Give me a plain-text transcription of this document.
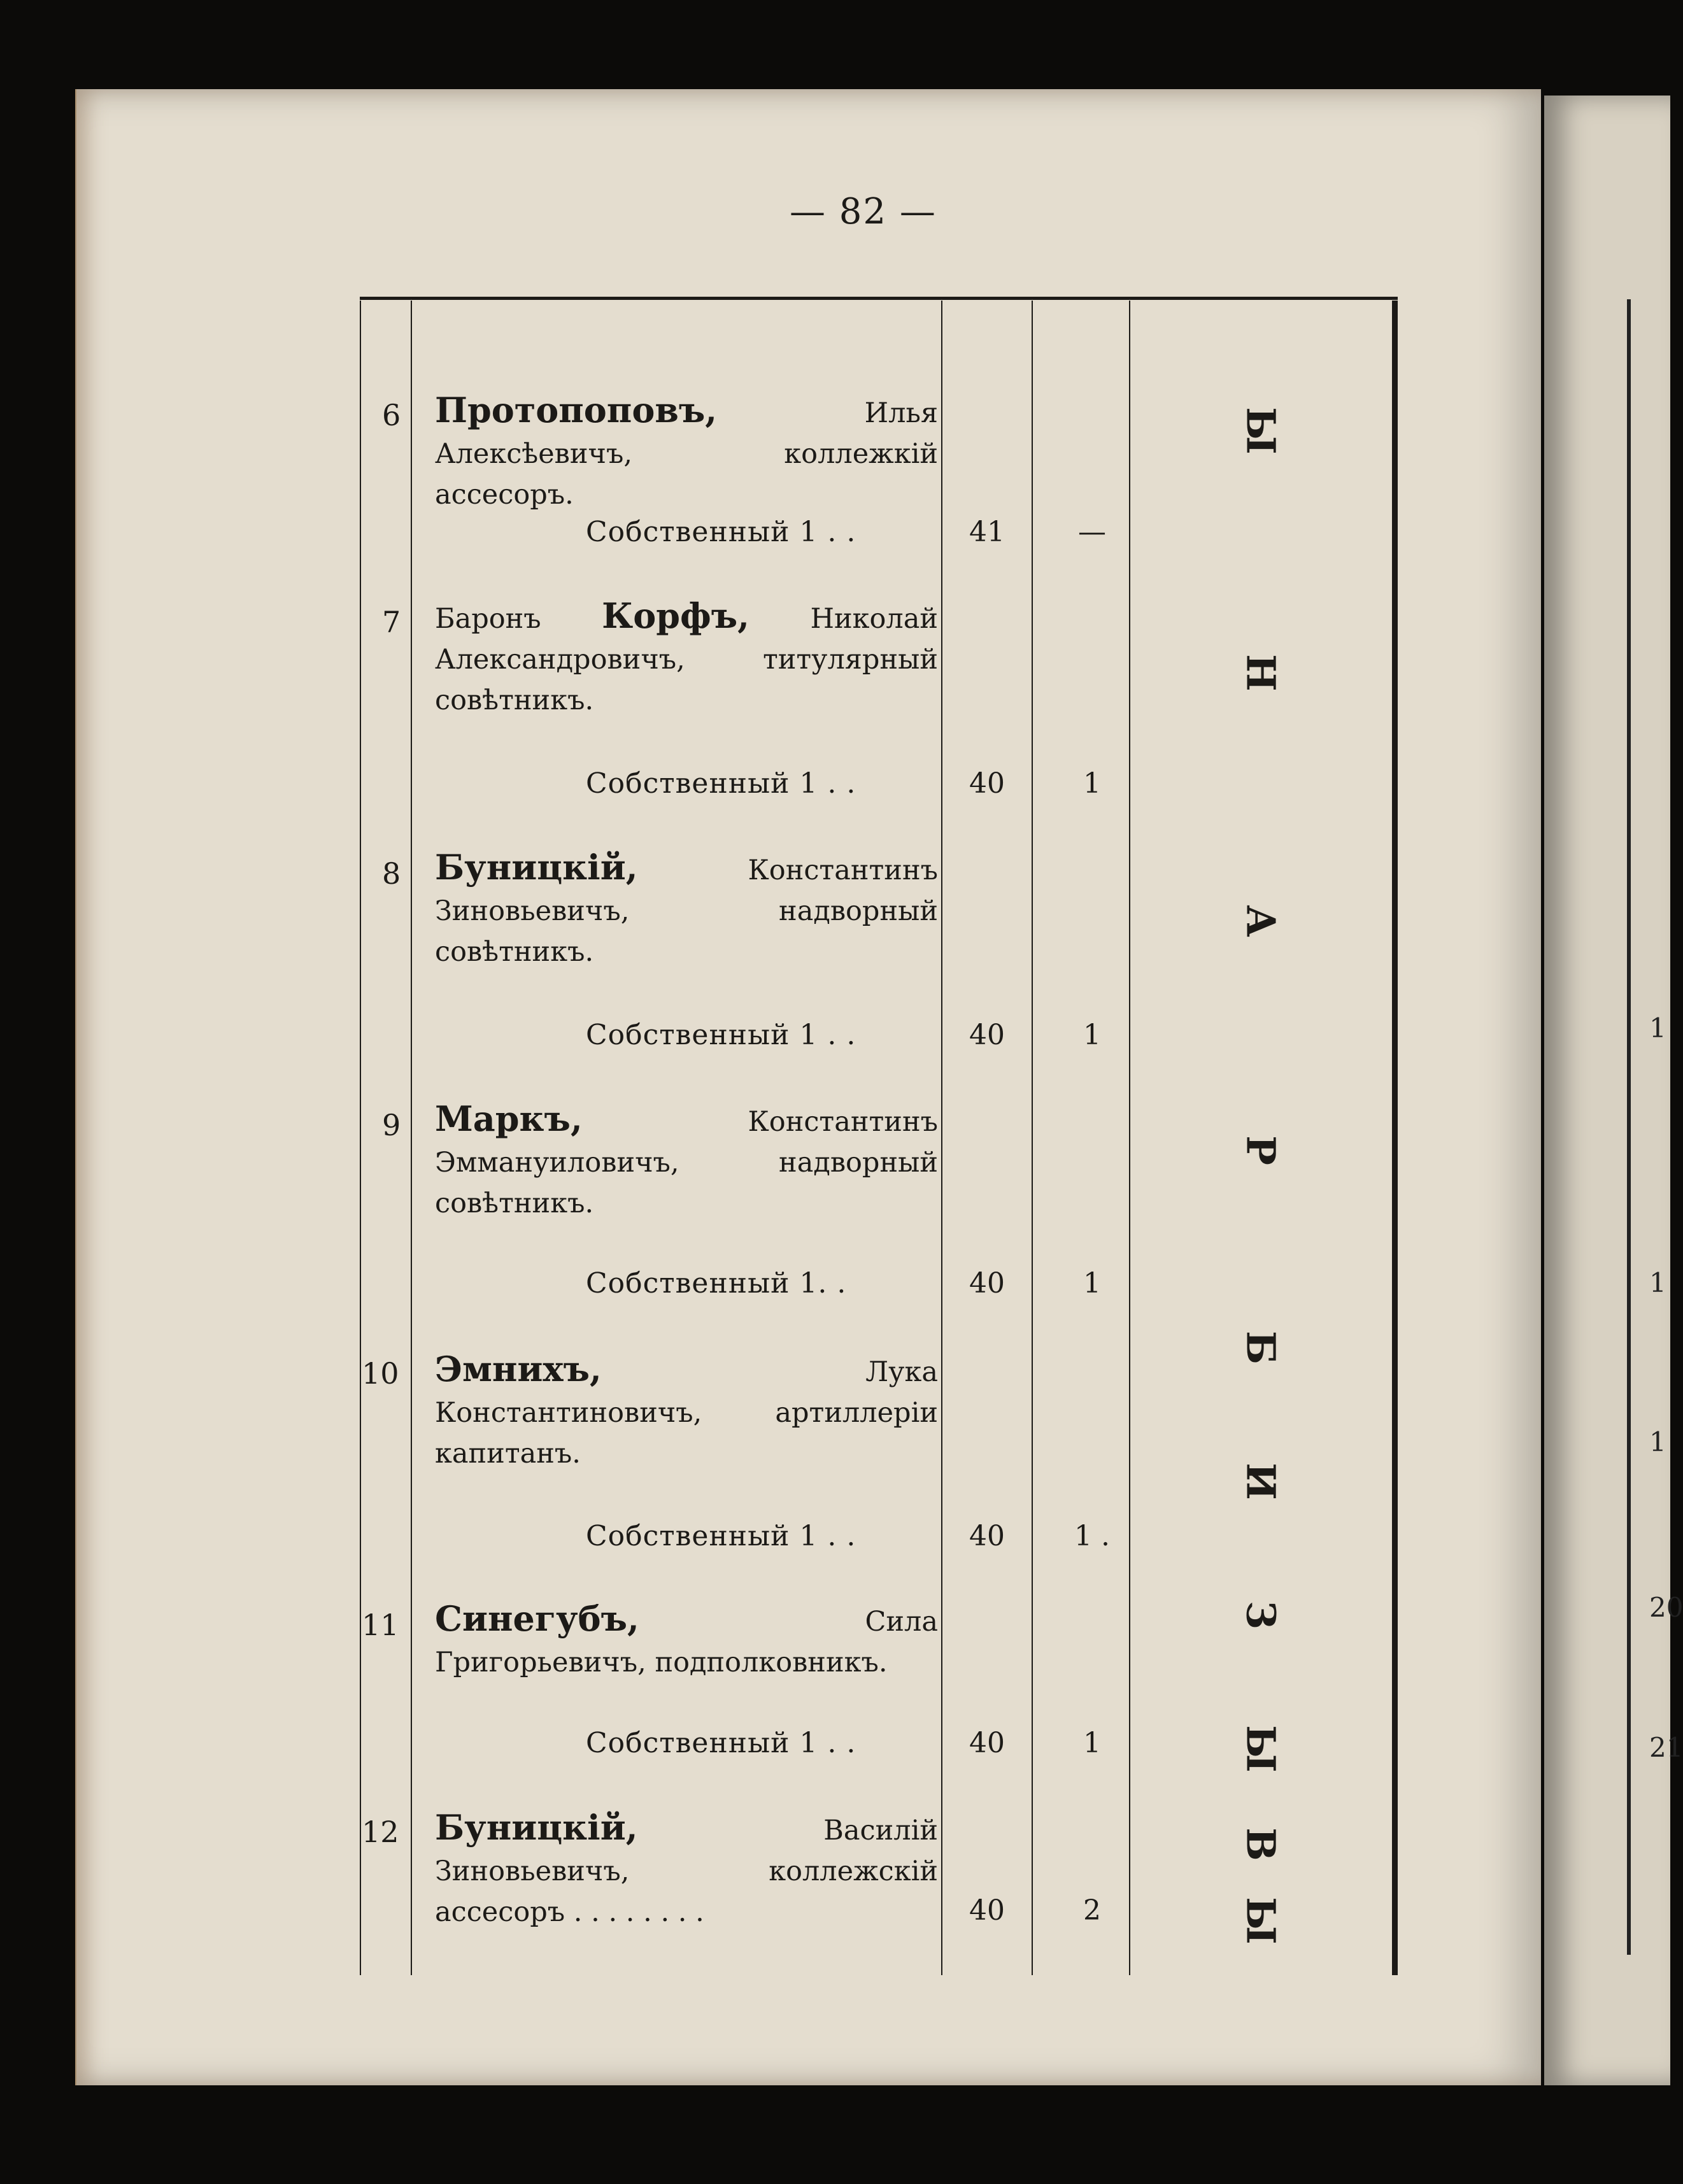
1
1
1
20
21
— 82 —
6 Протопоповъ, Илья Алексѣевичъ, коллежкій ассесоръ.
Собственный 1 . .	41	—
7	Баронъ Корфъ, Николай Александровичъ, титулярный совѣтникъ.
Собственный 1 . .	40	1
8 Буницкій, Константинъ Зиновьевичъ, надворный совѣтникъ.
Собственный 1 . .	40	1
9 Маркъ, Константинъ Эммануиловичъ, надворный совѣтникъ.
Собственный 1. .	40	1
10 Эмнихъ, Лука Константиновичъ, артиллеріи капитанъ.
Собственный 1 . .	40	1 .
11 Синегубъ, Сила Григорьевичъ, подполковникъ.
Собственный 1 . .	40	1
12 Буницкій, Василій Зиновьевичъ, коллежскій ассесоръ . . . . . . . .	40	2
Ы
Н
А
Р
Б
И
З
Ы
В
Ы
